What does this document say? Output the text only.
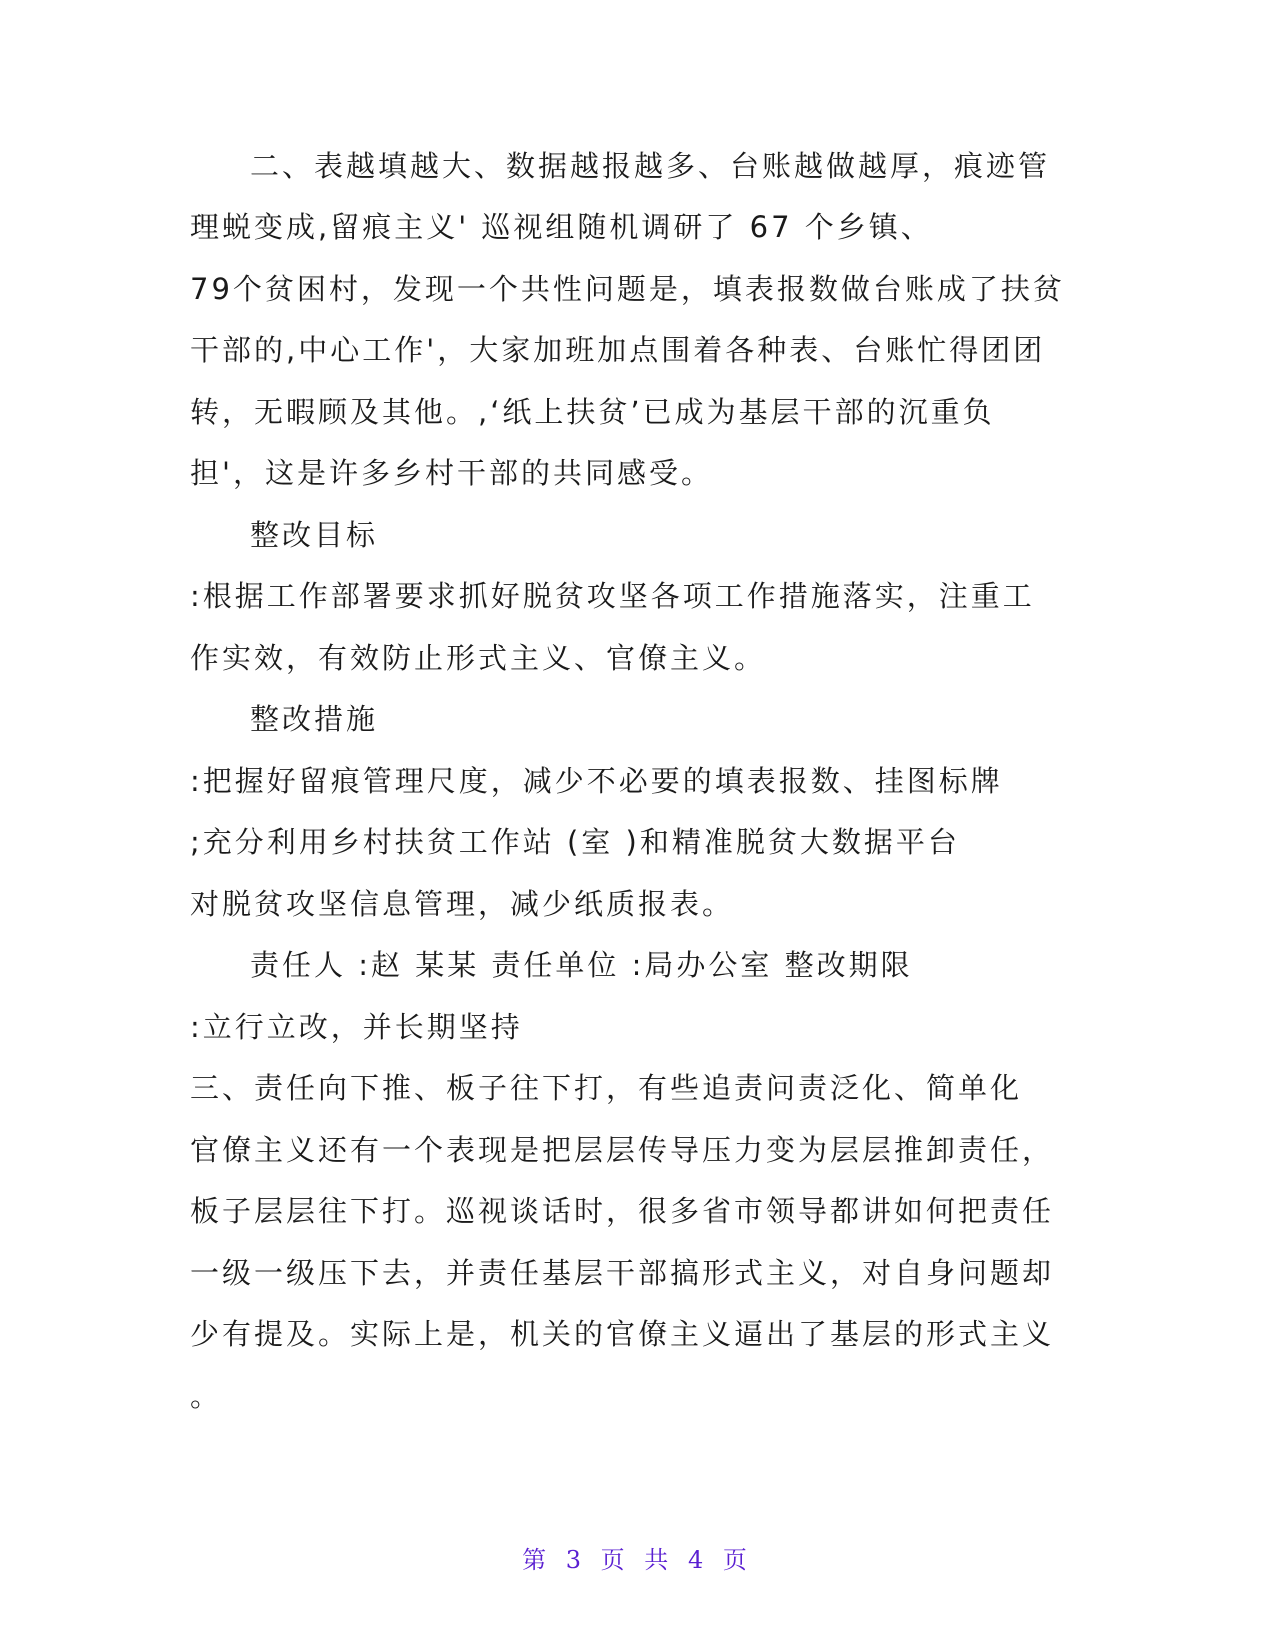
二、表越填越大、数据越报越多、台账越做越厚，痕迹管
理蜕变成,留痕主义' 巡视组随机调研了 67 个乡镇、
79个贫困村，发现一个共性问题是，填表报数做台账成了扶贫
干部的,中心工作'，大家加班加点围着各种表、台账忙得团团
转，无暇顾及其他。,‘纸上扶贫’已成为基层干部的沉重负
担'，这是许多乡村干部的共同感受。
整改目标
:根据工作部署要求抓好脱贫攻坚各项工作措施落实，注重工
作实效，有效防止形式主义、官僚主义。
整改措施
:把握好留痕管理尺度，减少不必要的填表报数、挂图标牌
;充分利用乡村扶贫工作站 (室 )和精准脱贫大数据平台
对脱贫攻坚信息管理，减少纸质报表。
责任人 :赵 某某 责任单位 :局办公室 整改期限
:立行立改，并长期坚持
三、责任向下推、板子往下打，有些追责问责泛化、简单化
官僚主义还有一个表现是把层层传导压力变为层层推卸责任，
板子层层往下打。巡视谈话时，很多省市领导都讲如何把责任
一级一级压下去，并责任基层干部搞形式主义，对自身问题却
少有提及。实际上是，机关的官僚主义逼出了基层的形式主义
。
第 3 页 共 4 页
